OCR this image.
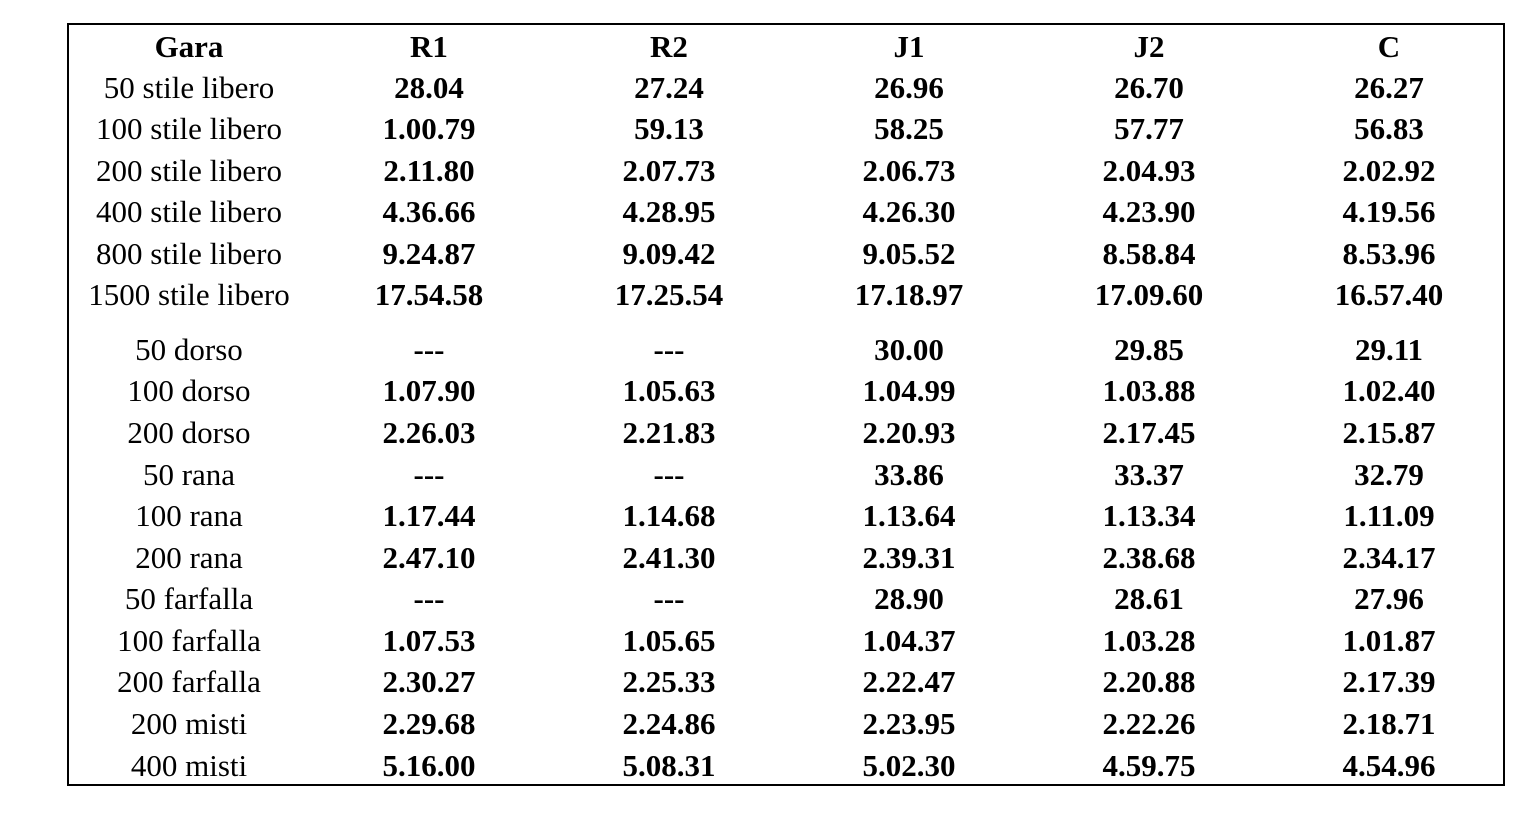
Gara	R1	R2	J1	J2	C
50 stile libero	28.04	27.24	26.96	26.70	26.27
100 stile libero	1.00.79	59.13	58.25	57.77	56.83
200 stile libero	2.11.80	2.07.73	2.06.73	2.04.93	2.02.92
400 stile libero	4.36.66	4.28.95	4.26.30	4.23.90	4.19.56
800 stile libero	9.24.87	9.09.42	9.05.52	8.58.84	8.53.96
1500 stile libero	17.54.58	17.25.54	17.18.97	17.09.60	16.57.40
50 dorso	---	---	30.00	29.85	29.11
100 dorso	1.07.90	1.05.63	1.04.99	1.03.88	1.02.40
200 dorso	2.26.03	2.21.83	2.20.93	2.17.45	2.15.87
50 rana	---	---	33.86	33.37	32.79
100 rana	1.17.44	1.14.68	1.13.64	1.13.34	1.11.09
200 rana	2.47.10	2.41.30	2.39.31	2.38.68	2.34.17
50 farfalla	---	---	28.90	28.61	27.96
100 farfalla	1.07.53	1.05.65	1.04.37	1.03.28	1.01.87
200 farfalla	2.30.27	2.25.33	2.22.47	2.20.88	2.17.39
200 misti	2.29.68	2.24.86	2.23.95	2.22.26	2.18.71
400 misti	5.16.00	5.08.31	5.02.30	4.59.75	4.54.96
